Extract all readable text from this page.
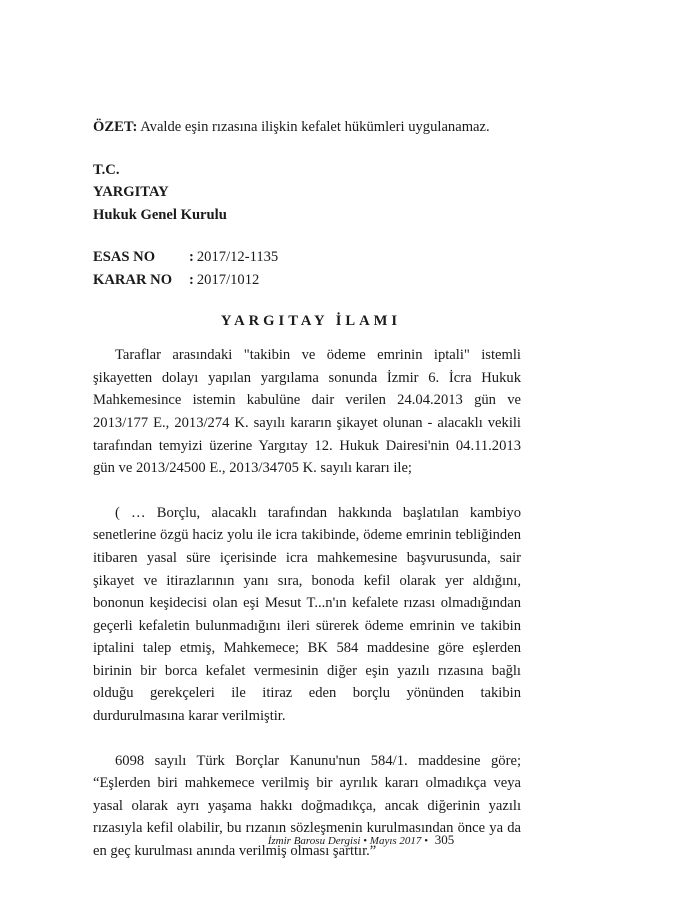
ÖZET: Avalde eşin rızasına ilişkin kefalet hükümleri uygulanamaz.

T.C.
YARGITAY
Hukuk Genel Kurulu
ESAS NO	: 2017/12-1135
KARAR NO	: 2017/1012
YARGITAY İLAMI

Taraflar arasındaki "takibin ve ödeme emrinin iptali" istemli şikayetten dolayı yapılan yargılama sonunda İzmir 6. İcra Hukuk Mahkemesince istemin kabulüne dair verilen 24.04.2013 gün ve 2013/177 E., 2013/274 K. sayılı kararın şikayet olunan - alacaklı vekili tarafından temyizi üzerine Yargıtay 12. Hukuk Dairesi'nin 04.11.2013 gün ve 2013/24500 E., 2013/34705 K. sayılı kararı ile;

( … Borçlu, alacaklı tarafından hakkında başlatılan kambiyo senetlerine özgü haciz yolu ile icra takibinde, ödeme emrinin tebliğinden itibaren yasal süre içerisinde icra mahkemesine başvurusunda, sair şikayet ve itirazlarının yanı sıra, bonoda kefil olarak yer aldığını, bononun keşidecisi olan eşi Mesut T...n'ın kefalete rızası olmadığından geçerli kefaletin bulunmadığını ileri sürerek ödeme emrinin ve takibin iptalini talep etmiş, Mahkemece; BK 584 maddesine göre eşlerden birinin bir borca kefalet vermesinin diğer eşin yazılı rızasına bağlı olduğu gerekçeleri ile itiraz eden borçlu yönünden takibin durdurulmasına karar verilmiştir.

6098 sayılı Türk Borçlar Kanunu'nun 584/1. maddesine göre; “Eşlerden biri mahkemece verilmiş bir ayrılık kararı olmadıkça veya yasal olarak ayrı yaşama hakkı doğmadıkça, ancak diğerinin yazılı rızasıyla kefil olabilir, bu rızanın sözleşmenin kurulmasından önce ya da en geç kurulması anında verilmiş olması şarttır.”

İzmir Barosu Dergisi • Mayıs 2017 • 305
